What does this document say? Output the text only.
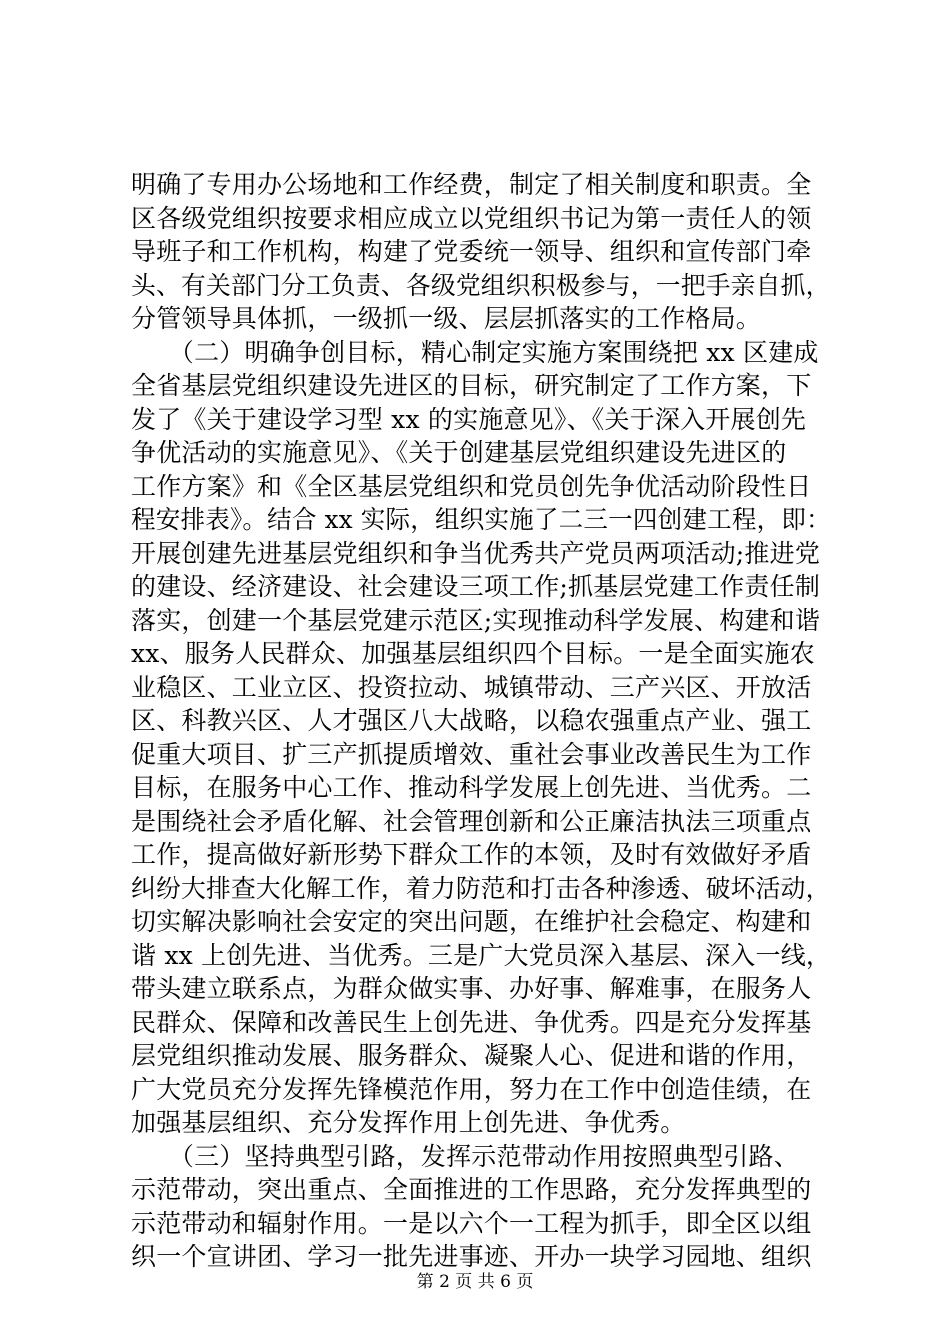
明确了专用办公场地和工作经费，制定了相关制度和职责。全
区各级党组织按要求相应成立以党组织书记为第一责任人的领
导班子和工作机构，构建了党委统一领导、组织和宣传部门牵
头、有关部门分工负责、各级党组织积极参与，一把手亲自抓，
分管领导具体抓，一级抓一级、层层抓落实的工作格局。
　　（二）明确争创目标，精心制定实施方案围绕把 xx 区建成
全省基层党组织建设先进区的目标，研究制定了工作方案，下
发了《关于建设学习型 xx 的实施意见》、《关于深入开展创先
争优活动的实施意见》、《关于创建基层党组织建设先进区的
工作方案》和《全区基层党组织和党员创先争优活动阶段性日
程安排表》。结合 xx 实际，组织实施了二三一四创建工程，即：
开展创建先进基层党组织和争当优秀共产党员两项活动;推进党
的建设、经济建设、社会建设三项工作;抓基层党建工作责任制
落实，创建一个基层党建示范区;实现推动科学发展、构建和谐
xx、服务人民群众、加强基层组织四个目标。一是全面实施农
业稳区、工业立区、投资拉动、城镇带动、三产兴区、开放活
区、科教兴区、人才强区八大战略，以稳农强重点产业、强工
促重大项目、扩三产抓提质增效、重社会事业改善民生为工作
目标，在服务中心工作、推动科学发展上创先进、当优秀。二
是围绕社会矛盾化解、社会管理创新和公正廉洁执法三项重点
工作，提高做好新形势下群众工作的本领，及时有效做好矛盾
纠纷大排查大化解工作，着力防范和打击各种渗透、破坏活动，
切实解决影响社会安定的突出问题，在维护社会稳定、构建和
谐 xx 上创先进、当优秀。三是广大党员深入基层、深入一线，
带头建立联系点，为群众做实事、办好事、解难事，在服务人
民群众、保障和改善民生上创先进、争优秀。四是充分发挥基
层党组织推动发展、服务群众、凝聚人心、促进和谐的作用，
广大党员充分发挥先锋模范作用，努力在工作中创造佳绩，在
加强基层组织、充分发挥作用上创先进、争优秀。
　　（三）坚持典型引路，发挥示范带动作用按照典型引路、
示范带动，突出重点、全面推进的工作思路，充分发挥典型的
示范带动和辐射作用。一是以六个一工程为抓手，即全区以组
织一个宣讲团、学习一批先进事迹、开办一块学习园地、组织
第 2 页 共 6 页
